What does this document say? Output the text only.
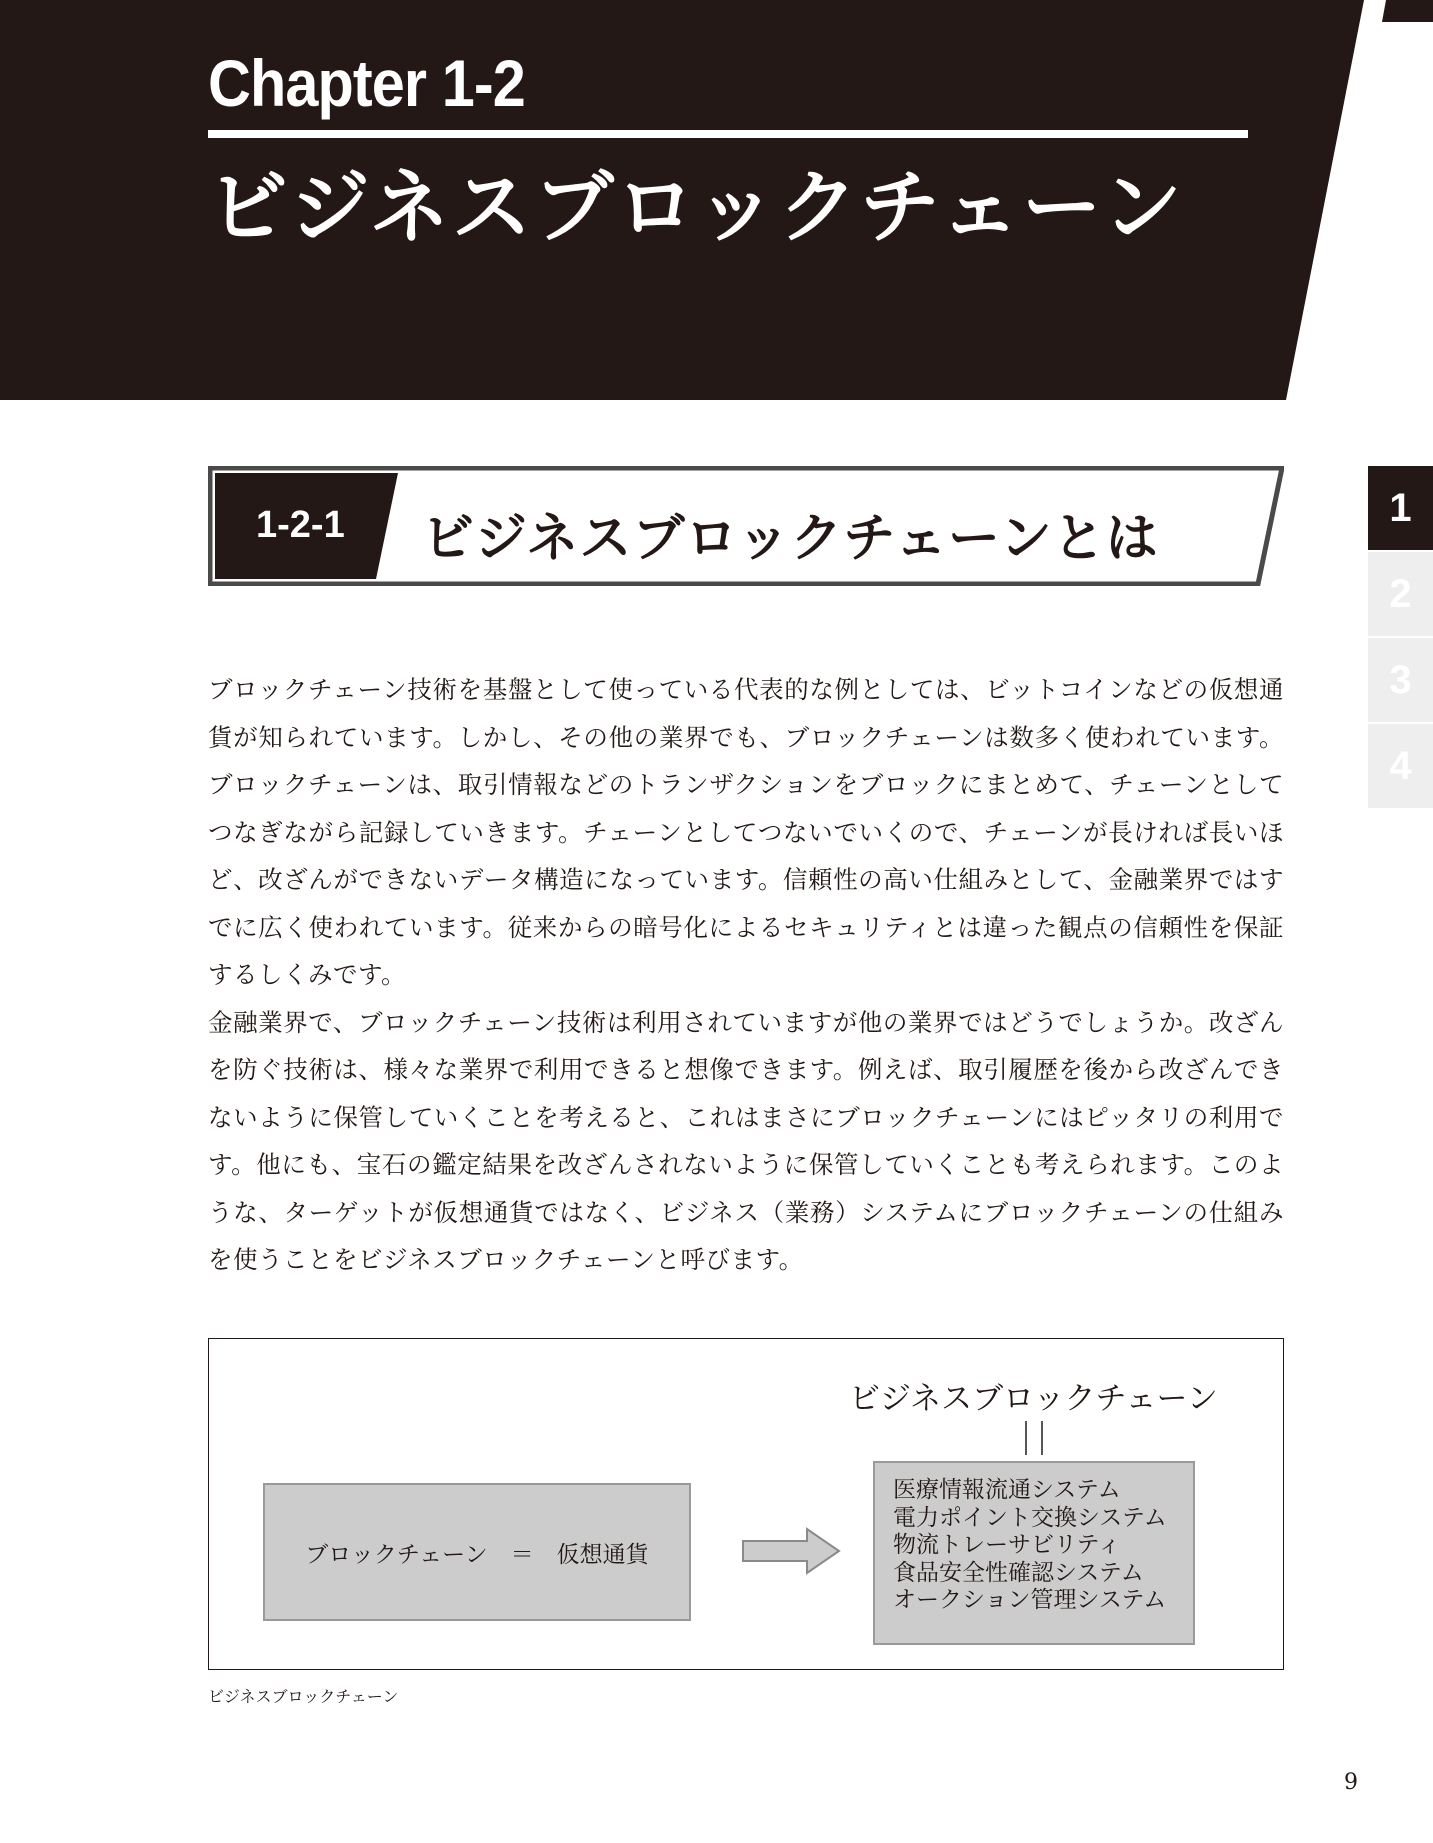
Chapter 1-2
ビジネスブロックチェーン
1
2
3
4
1-2-1 ビジネスブロックチェーンとは

ブロックチェーン技術を基盤として使っている代表的な例としては、ビットコインなどの仮想通貨が知られています。しかし、その他の業界でも、ブロックチェーンは数多く使われています。ブロックチェーンは、取引情報などのトランザクションをブロックにまとめて、チェーンとしてつなぎながら記録していきます。チェーンとしてつないでいくので、チェーンが長ければ長いほど、改ざんができないデータ構造になっています。信頼性の高い仕組みとして、金融業界ではすでに広く使われています。従来からの暗号化によるセキュリティとは違った観点の信頼性を保証するしくみです。

金融業界で、ブロックチェーン技術は利用されていますが他の業界ではどうでしょうか。改ざんを防ぐ技術は、様々な業界で利用できると想像できます。例えば、取引履歴を後から改ざんできないように保管していくことを考えると、これはまさにブロックチェーンにはピッタリの利用です。他にも、宝石の鑑定結果を改ざんされないように保管していくことも考えられます。このような、ターゲットが仮想通貨ではなく、ビジネス（業務）システムにブロックチェーンの仕組みを使うことをビジネスブロックチェーンと呼びます。

ビジネスブロックチェーン
ブロックチェーン　＝　仮想通貨
医療情報流通システム
電力ポイント交換システム
物流トレーサビリティ
食品安全性確認システム
オークション管理システム
ビジネスブロックチェーン
9
